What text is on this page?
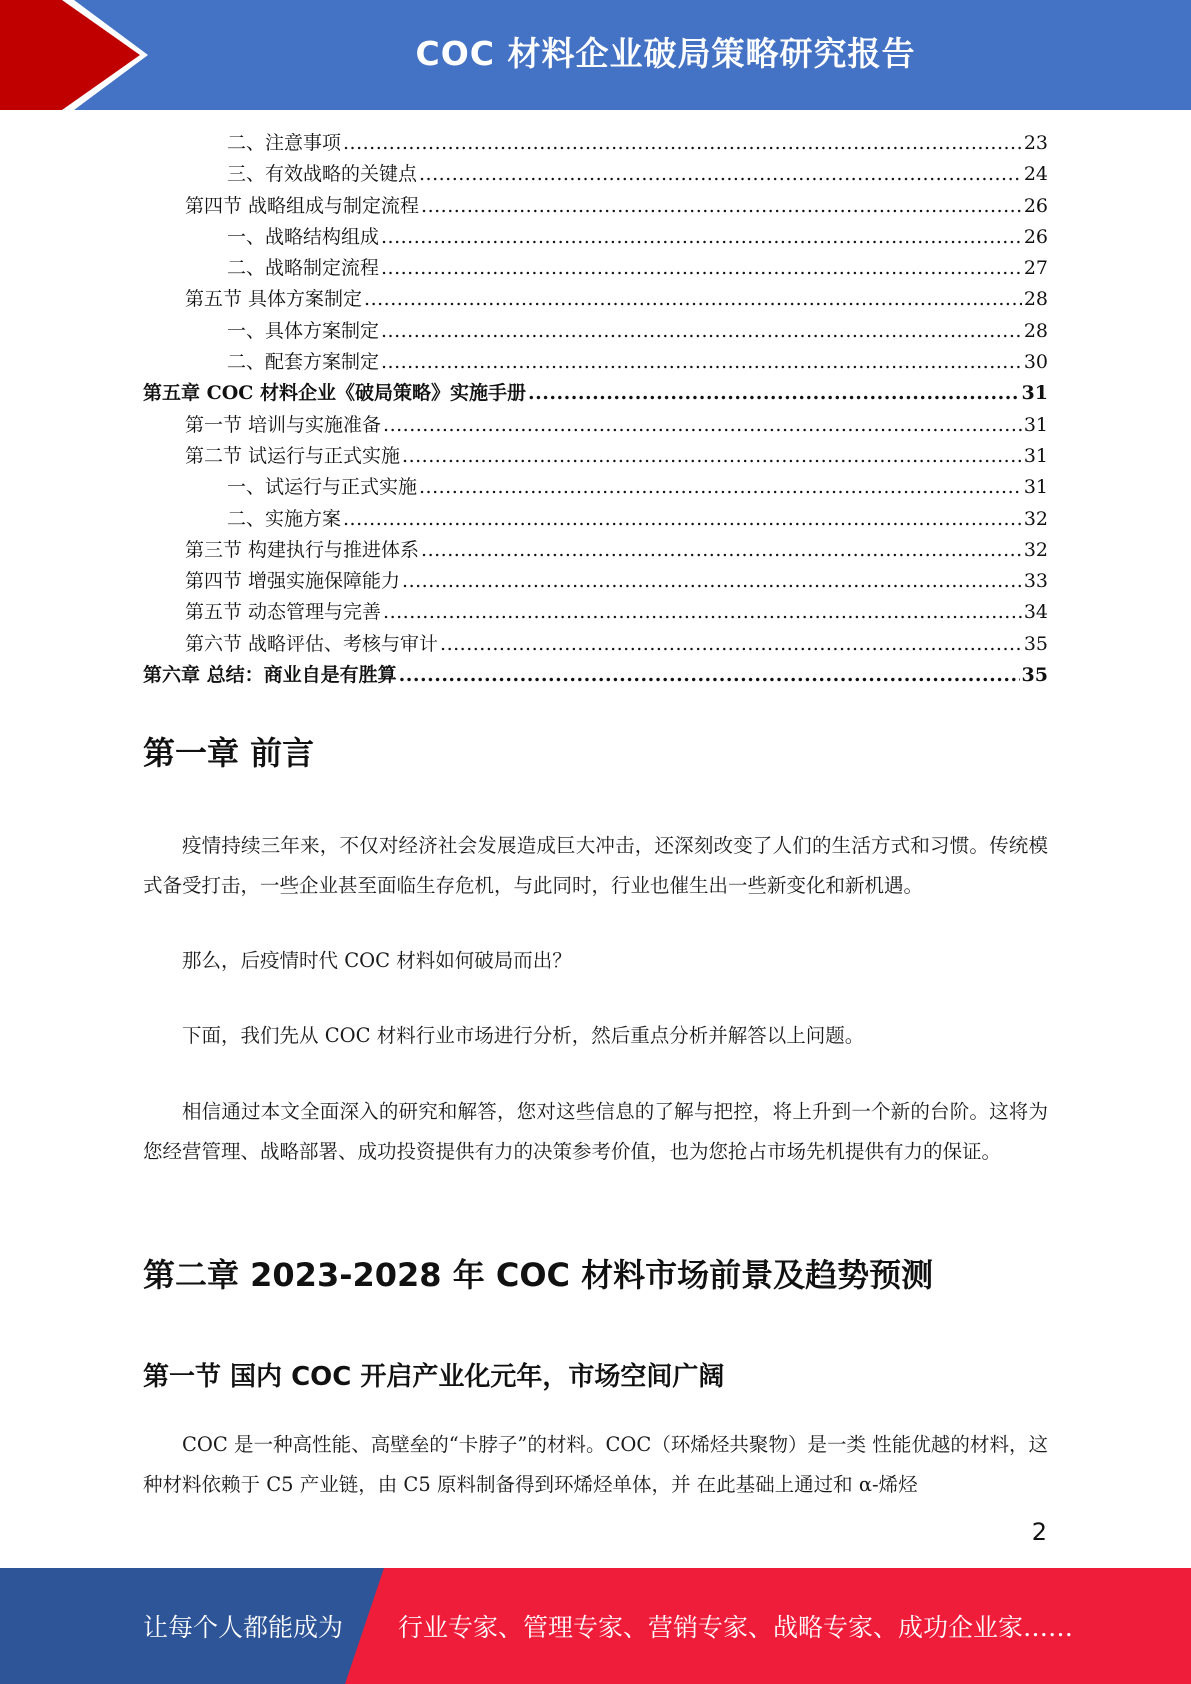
COC 材料企业破局策略研究报告
二、注意事项 .....	23
三、有效战略的关键点 .....	24
第四节 战略组成与制定流程 .....	26
一、战略结构组成 .....	26
二、战略制定流程 .....	27
第五节 具体方案制定 .....	28
一、具体方案制定 .....	28
二、配套方案制定 .....	30
第五章 COC 材料企业《破局策略》实施手册 .....	31
第一节 培训与实施准备 .....	31
第二节 试运行与正式实施 .....	31
一、试运行与正式实施 .....	31
二、实施方案 .....	32
第三节 构建执行与推进体系 .....	32
第四节 增强实施保障能力 .....	33
第五节 动态管理与完善 .....	34
第六节 战略评估、考核与审计 .....	35
第六章 总结：商业自是有胜算 .....	35
第一章 前言

疫情持续三年来，不仅对经济社会发展造成巨大冲击，还深刻改变了人们的生活方式和习惯。传统模式备受打击，一些企业甚至面临生存危机，与此同时，行业也催生出一些新变化和新机遇。

那么，后疫情时代 COC 材料如何破局而出？

下面，我们先从 COC 材料行业市场进行分析，然后重点分析并解答以上问题。

相信通过本文全面深入的研究和解答，您对这些信息的了解与把控，将上升到一个新的台阶。这将为您经营管理、战略部署、成功投资提供有力的决策参考价值，也为您抢占市场先机提供有力的保证。

第二章 2023-2028 年 COC 材料市场前景及趋势预测
第一节 国内 COC 开启产业化元年，市场空间广阔

COC 是一种高性能、高壁垒的“卡脖子”的材料。COC（环烯烃共聚物）是一类 性能优越的材料，这种材料依赖于 C5 产业链，由 C5 原料制备得到环烯烃单体，并 在此基础上通过和 α-烯烃

2
让每个人都能成为 行业专家、管理专家、营销专家、战略专家、成功企业家……
